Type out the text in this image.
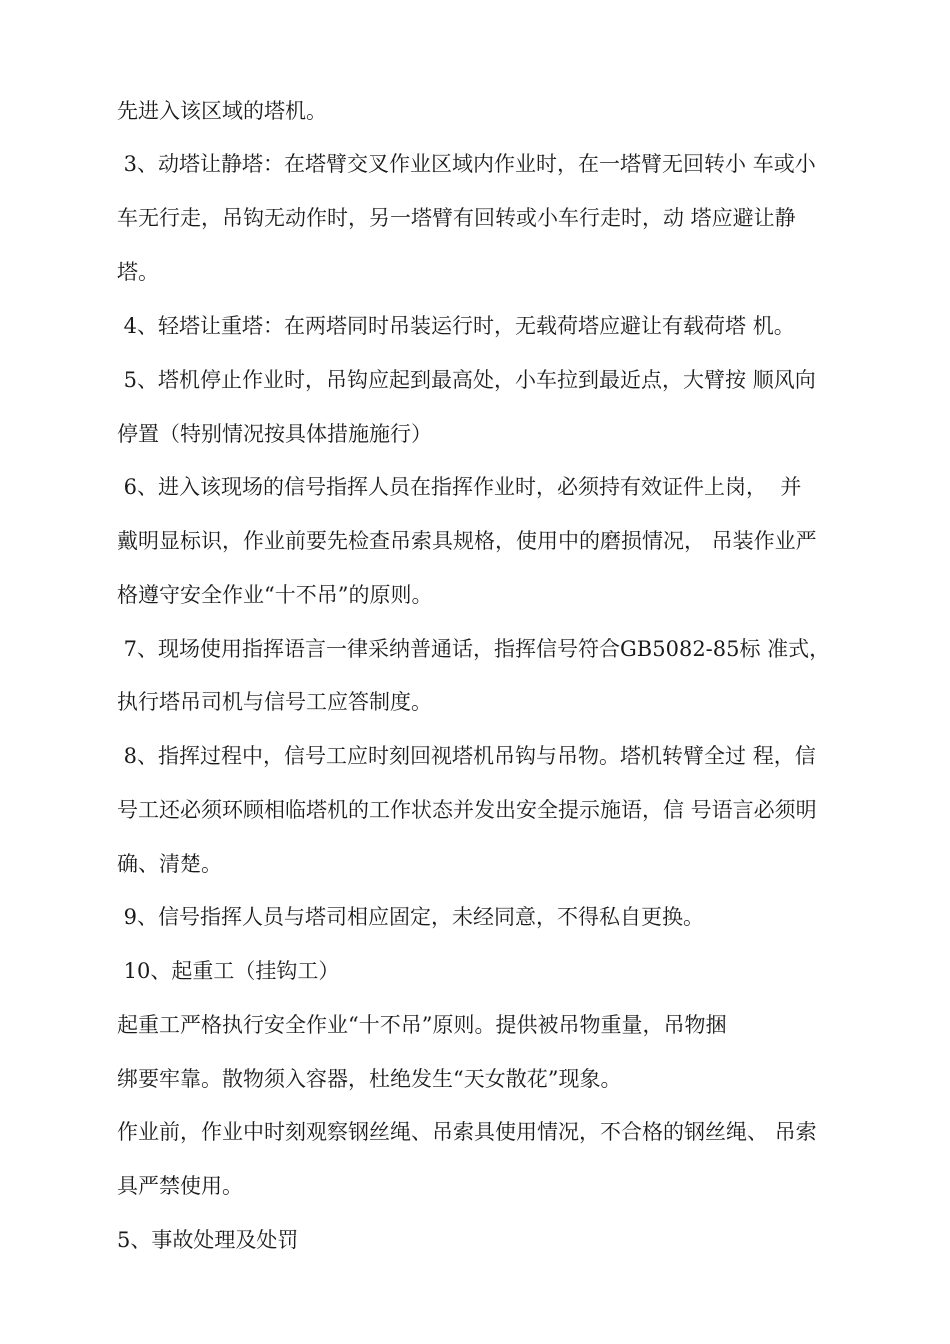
先进入该区域的塔机。
3、动塔让静塔：在塔臂交叉作业区域内作业时，在一塔臂无回转小 车或小
车无行走，吊钩无动作时，另一塔臂有回转或小车行走时，动 塔应避让静
塔。
4、轻塔让重塔：在两塔同时吊装运行时，无载荷塔应避让有载荷塔 机。
5、塔机停止作业时，吊钩应起到最高处，小车拉到最近点，大臂按 顺风向
停置（特别情况按具体措施施行）
6、进入该现场的信号指挥人员在指挥作业时，必须持有效证件上岗，  并
戴明显标识，作业前要先检查吊索具规格，使用中的磨损情况， 吊装作业严
格遵守安全作业“十不吊”的原则。
7、现场使用指挥语言一律采纳普通话，指挥信号符合GB5082-85标 准式，
执行塔吊司机与信号工应答制度。
8、指挥过程中，信号工应时刻回视塔机吊钩与吊物。塔机转臂全过 程，信
号工还必须环顾相临塔机的工作状态并发出安全提示施语，信 号语言必须明
确、清楚。
9、信号指挥人员与塔司相应固定，未经同意，不得私自更换。
10、起重工（挂钩工）
起重工严格执行安全作业“十不吊”原则。提供被吊物重量，吊物捆
绑要牢靠。散物须入容器，杜绝发生“天女散花”现象。
作业前，作业中时刻观察钢丝绳、吊索具使用情况，不合格的钢丝绳、 吊索
具严禁使用。
5、事故处理及处罚
